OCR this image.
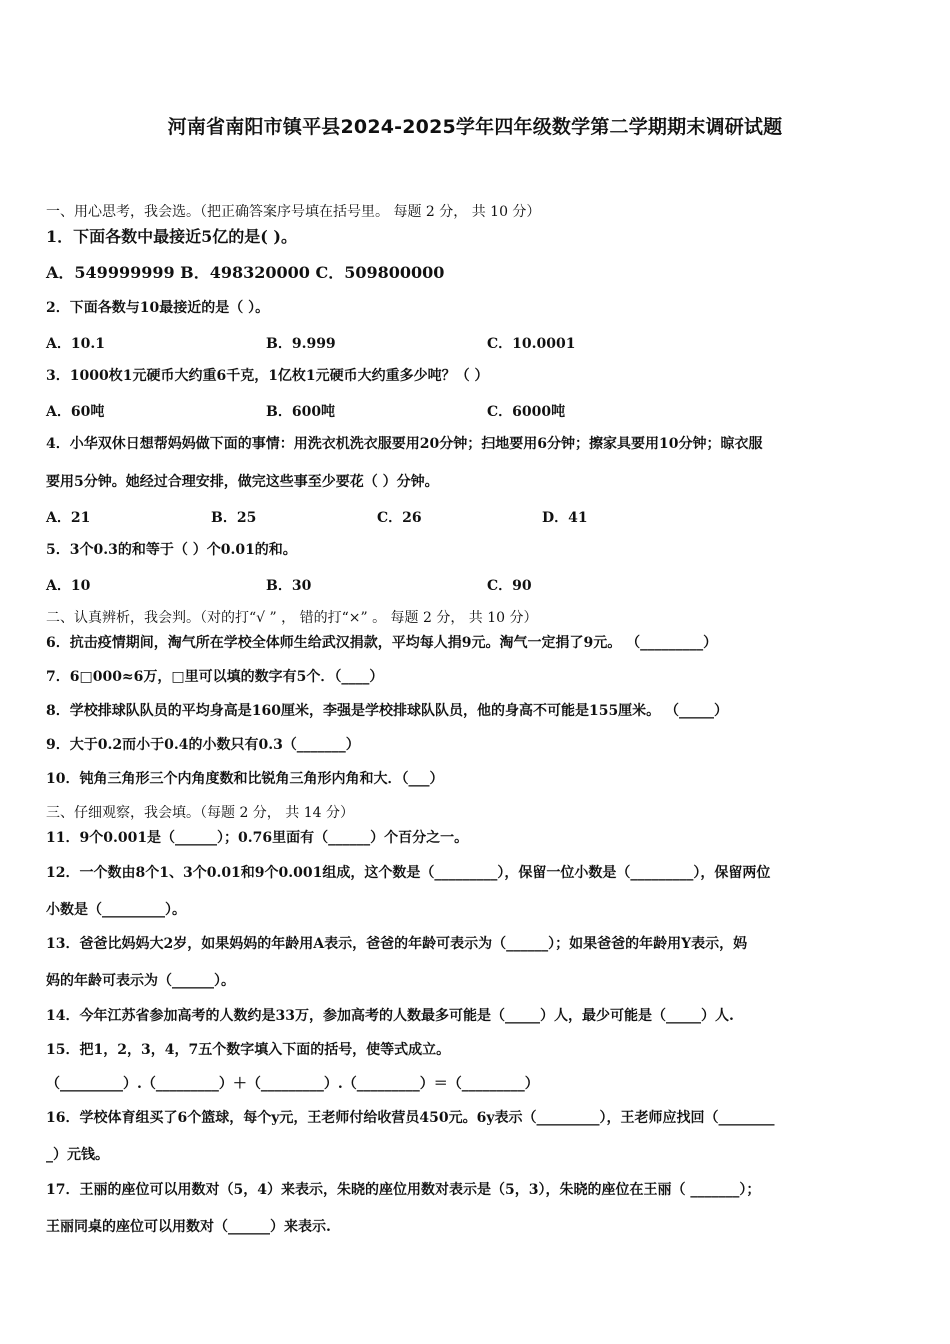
河南省南阳市镇平县2024-2025学年四年级数学第二学期期末调研试题
一、用心思考，我会选。（把正确答案序号填在括号里。 每题 2 分， 共 10 分）
1．下面各数中最接近5亿的是( )。
A．549999999 B．498320000 C．509800000
2．下面各数与10最接近的是（ ）。
A．10.1	B．9.999	C．10.0001
3．1000枚1元硬币大约重6千克，1亿枚1元硬币大约重多少吨？（ ）
A．60吨	B．600吨	C．6000吨
4．小华双休日想帮妈妈做下面的事情：用洗衣机洗衣服要用20分钟；扫地要用6分钟；擦家具要用10分钟；晾衣服
要用5分钟。她经过合理安排，做完这些事至少要花（ ）分钟。
A．21	B．25	C．26	D．41
5．3个0.3的和等于（ ）个0.01的和。
A．10	B．30	C．90
二、认真辨析，我会判。（对的打“√ ” ， 错的打“×” 。 每题 2 分， 共 10 分）
6．抗击疫情期间，淘气所在学校全体师生给武汉捐款，平均每人捐9元。淘气一定捐了9元。 （_________）
7．6□000≈6万，□里可以填的数字有5个．（____）
8．学校排球队队员的平均身高是160厘米，李强是学校排球队队员，他的身高不可能是155厘米。 （_____）
9．大于0.2而小于0.4的小数只有0.3（_______）
10．钝角三角形三个内角度数和比锐角三角形内角和大．（___）
三、仔细观察，我会填。（每题 2 分， 共 14 分）
11．9个0.001是（______）；0.76里面有（______）个百分之一。
12．一个数由8个1、3个0.01和9个0.001组成，这个数是（_________），保留一位小数是（_________），保留两位
小数是（_________）。
13．爸爸比妈妈大2岁，如果妈妈的年龄用A表示，爸爸的年龄可表示为（______）；如果爸爸的年龄用Y表示，妈
妈的年龄可表示为（______）。
14．今年江苏省参加高考的人数约是33万，参加高考的人数最多可能是（_____）人，最少可能是（_____）人.
15．把1，2，3，4，7五个数字填入下面的括号，使等式成立。
（_________）.（_________）＋（_________）.（_________）＝（_________）
16．学校体育组买了6个篮球，每个y元，王老师付给收营员450元。6y表示（_________），王老师应找回（________
_）元钱。
17．王丽的座位可以用数对（5，4）来表示，朱晓的座位用数对表示是（5，3），朱晓的座位在王丽（ _______）；
王丽同桌的座位可以用数对（______）来表示.
